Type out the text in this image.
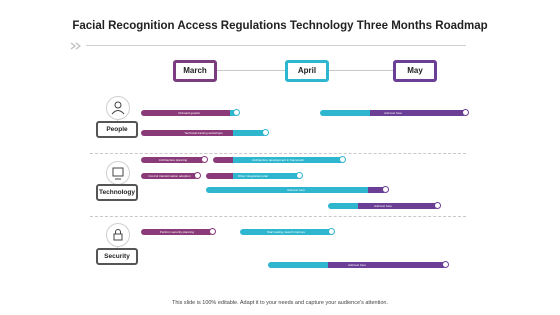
Facial Recognition Access Regulations Technology Three Months Roadmap
March	April	May
People
Technology
Security
Onboard guards	Add text here
Technical training workshops
Architecture planning	Architecture development in framework
Control transformation adoption	Other integrations plan
Add text here
Add text here
Perform security planning	Start testing, launch improve
Add text here
This slide is 100% editable. Adapt it to your needs and capture your audience's attention.
